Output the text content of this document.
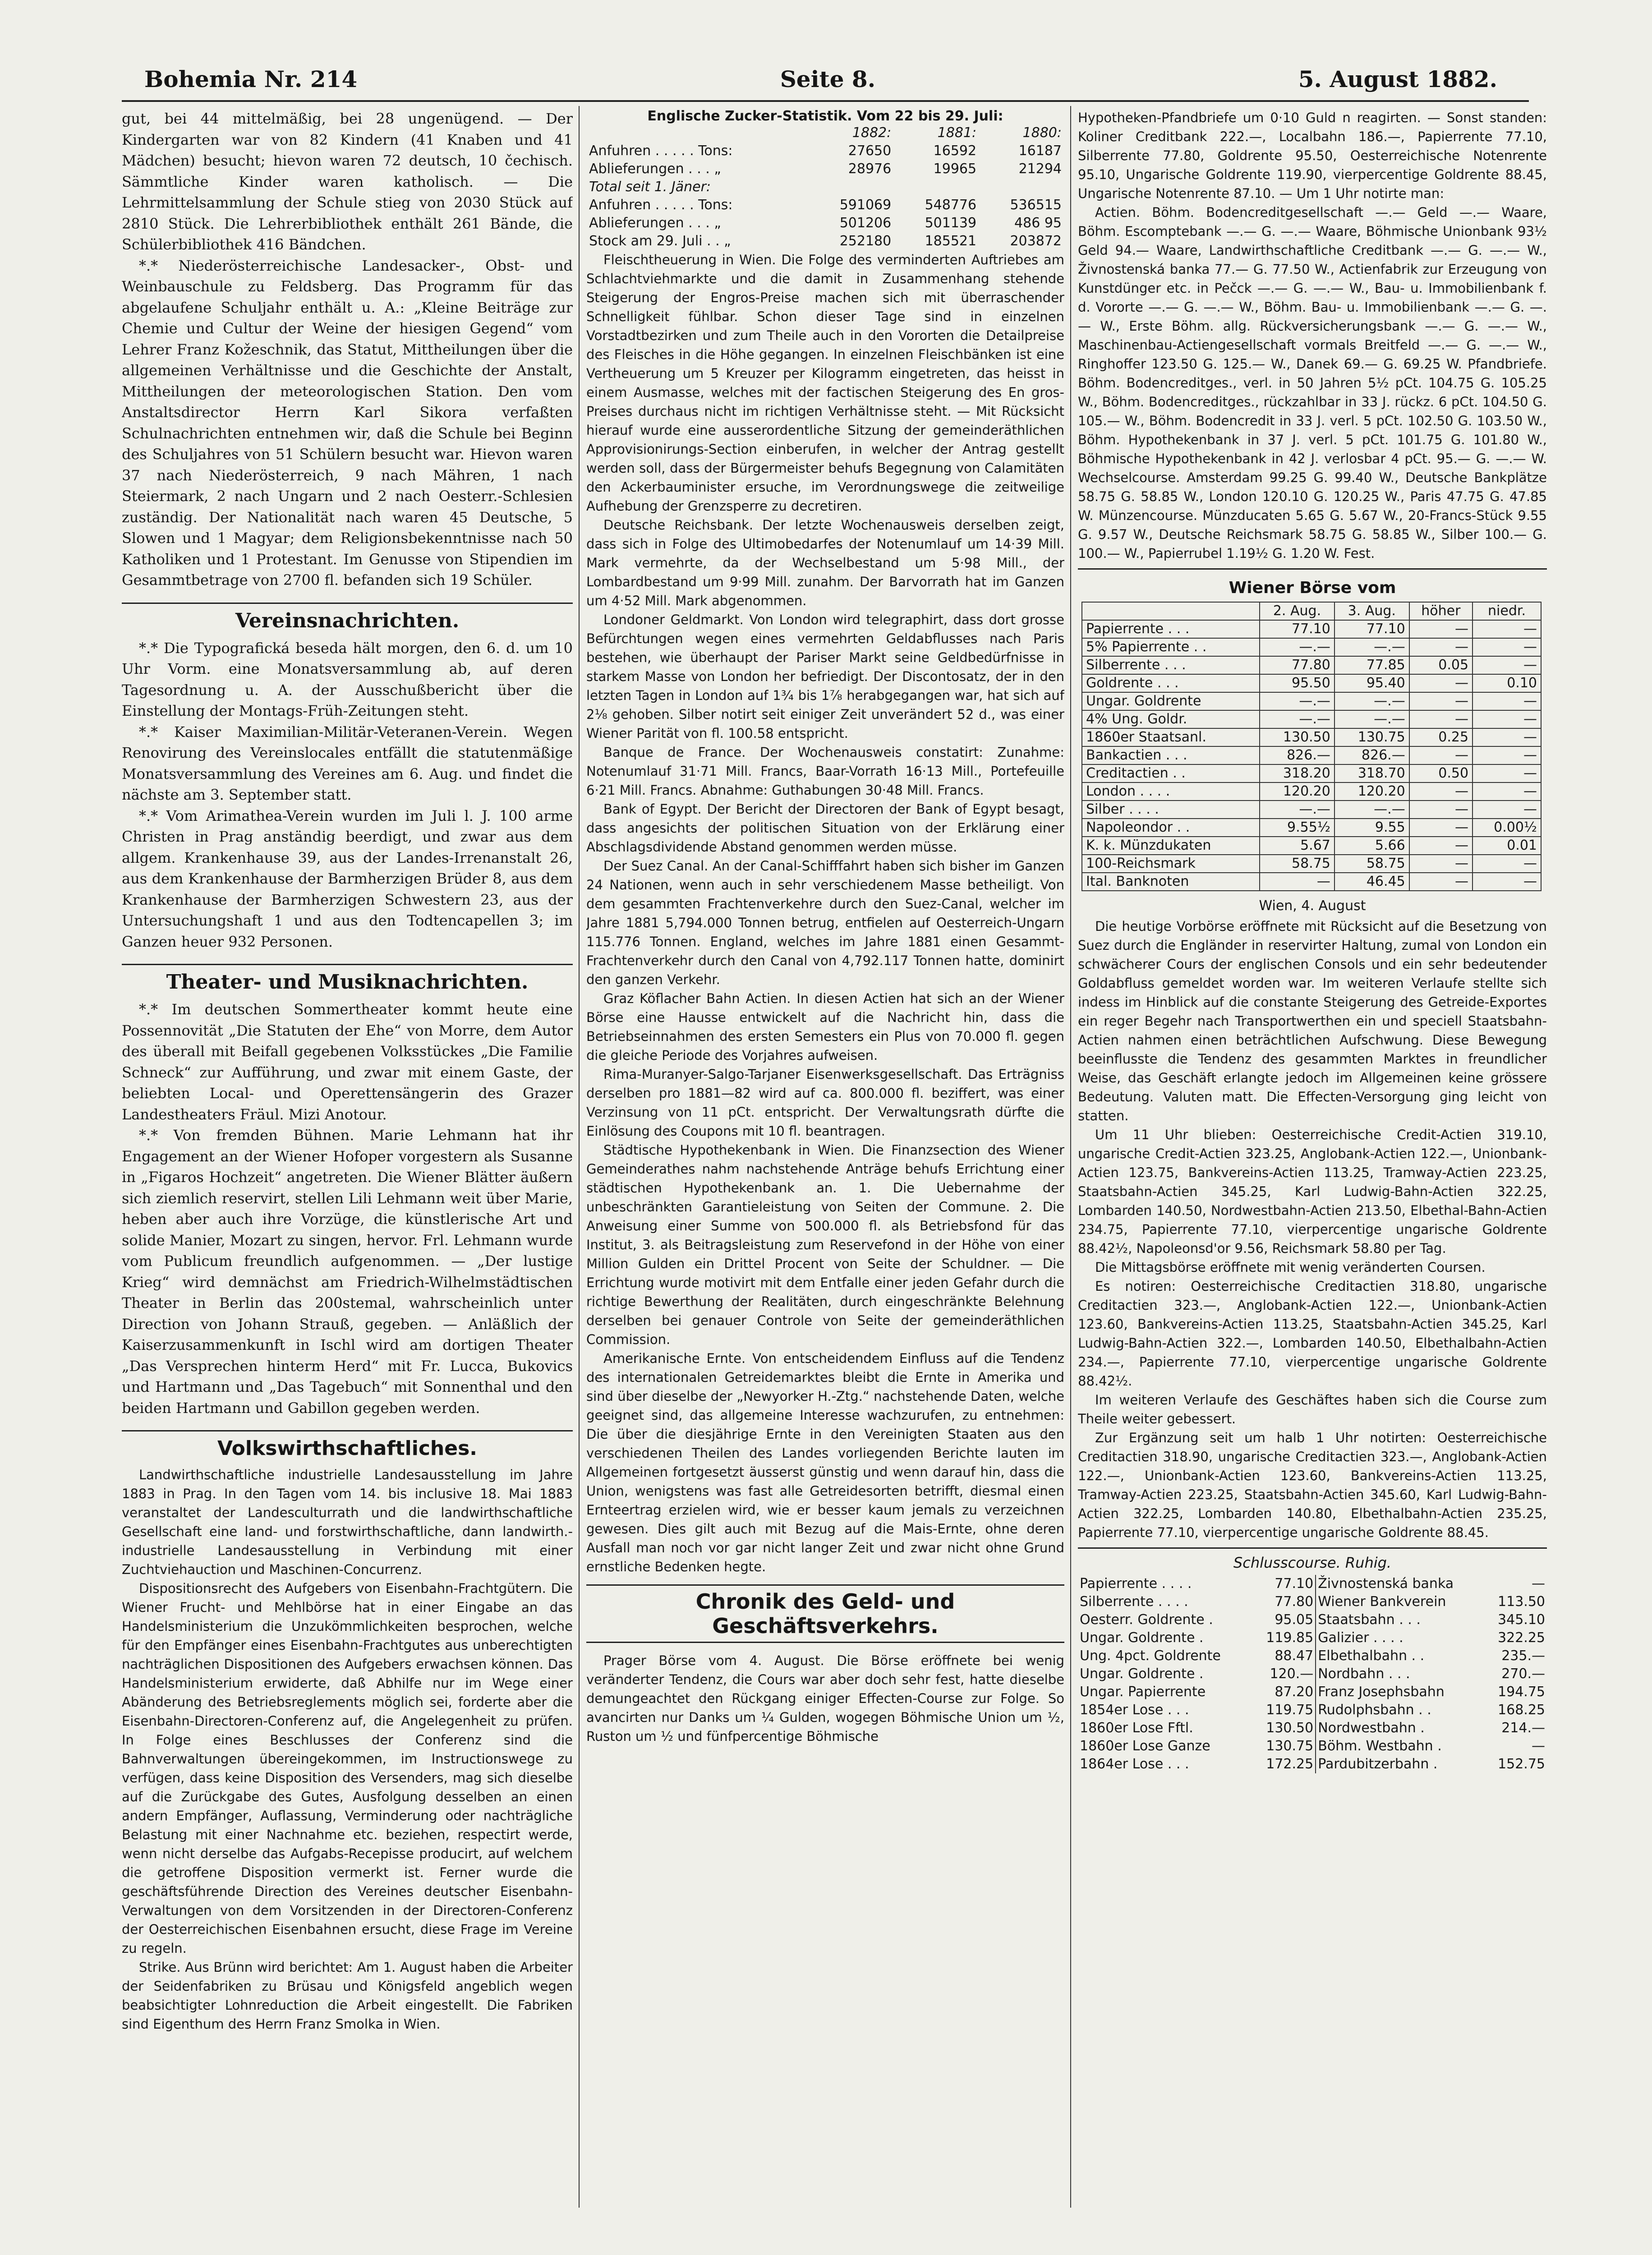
Bohemia Nr. 214	Seite 8.	5. August 1882.

gut, bei 44 mittelmäßig, bei 28 ungenügend. — Der Kindergarten war von 82 Kindern (41 Knaben und 41 Mädchen) besucht; hievon waren 72 deutsch, 10 čechisch. Sämmtliche Kinder waren katholisch. — Die Lehrmittelsammlung der Schule stieg von 2030 Stück auf 2810 Stück. Die Lehrerbibliothek enthält 261 Bände, die Schülerbibliothek 416 Bändchen.

*.* Niederösterreichische Landesacker-, Obst- und Weinbauschule zu Feldsberg. Das Programm für das abgelaufene Schuljahr enthält u. A.: „Kleine Beiträge zur Chemie und Cultur der Weine der hiesigen Gegend“ vom Lehrer Franz Kožeschnik, das Statut, Mittheilungen über die allgemeinen Verhältnisse und die Geschichte der Anstalt, Mittheilungen der meteorologischen Station. Den vom Anstaltsdirector Herrn Karl Sikora verfaßten Schulnachrichten entnehmen wir, daß die Schule bei Beginn des Schuljahres von 51 Schülern besucht war. Hievon waren 37 nach Niederösterreich, 9 nach Mähren, 1 nach Steiermark, 2 nach Ungarn und 2 nach Oesterr.-Schlesien zuständig. Der Nationalität nach waren 45 Deutsche, 5 Slowen und 1 Magyar; dem Religionsbekenntnisse nach 50 Katholiken und 1 Protestant. Im Genusse von Stipendien im Gesammtbetrage von 2700 fl. befanden sich 19 Schüler.

Vereinsnachrichten.

*.* Die Typografická beseda hält morgen, den 6. d. um 10 Uhr Vorm. eine Monatsversammlung ab, auf deren Tagesordnung u. A. der Ausschußbericht über die Einstellung der Montags-Früh-Zeitungen steht.

*.* Kaiser Maximilian-Militär-Veteranen-Verein. Wegen Renovirung des Vereinslocales entfällt die statutenmäßige Monatsversammlung des Vereines am 6. Aug. und findet die nächste am 3. September statt.

*.* Vom Arimathea-Verein wurden im Juli l. J. 100 arme Christen in Prag anständig beerdigt, und zwar aus dem allgem. Krankenhause 39, aus der Landes-Irrenanstalt 26, aus dem Krankenhause der Barmherzigen Brüder 8, aus dem Krankenhause der Barmherzigen Schwestern 23, aus der Untersuchungshaft 1 und aus den Todtencapellen 3; im Ganzen heuer 932 Personen.

Theater- und Musiknachrichten.

*.* Im deutschen Sommertheater kommt heute eine Possennovität „Die Statuten der Ehe“ von Morre, dem Autor des überall mit Beifall gegebenen Volksstückes „Die Familie Schneck“ zur Aufführung, und zwar mit einem Gaste, der beliebten Local- und Operettensängerin des Grazer Landestheaters Fräul. Mizi Anotour.

*.* Von fremden Bühnen. Marie Lehmann hat ihr Engagement an der Wiener Hofoper vorgestern als Susanne in „Figaros Hochzeit“ angetreten. Die Wiener Blätter äußern sich ziemlich reservirt, stellen Lili Lehmann weit über Marie, heben aber auch ihre Vorzüge, die künstlerische Art und solide Manier, Mozart zu singen, hervor. Frl. Lehmann wurde vom Publicum freundlich aufgenommen. — „Der lustige Krieg“ wird demnächst am Friedrich-Wilhelmstädtischen Theater in Berlin das 200stemal, wahrscheinlich unter Direction von Johann Strauß, gegeben. — Anläßlich der Kaiserzusammenkunft in Ischl wird am dortigen Theater „Das Versprechen hinterm Herd“ mit Fr. Lucca, Bukovics und Hartmann und „Das Tagebuch“ mit Sonnenthal und den beiden Hartmann und Gabillon gegeben werden.

Volkswirthschaftliches.

Landwirthschaftliche industrielle Landesausstellung im Jahre 1883 in Prag. In den Tagen vom 14. bis inclusive 18. Mai 1883 veranstaltet der Landesculturrath und die landwirthschaftliche Gesellschaft eine land- und forstwirthschaftliche, dann landwirth.-industrielle Landesausstellung in Verbindung mit einer Zuchtviehauction und Maschinen-Concurrenz.

Dispositionsrecht des Aufgebers von Eisenbahn-Frachtgütern. Die Wiener Frucht- und Mehlbörse hat in einer Eingabe an das Handelsministerium die Unzukömmlichkeiten besprochen, welche für den Empfänger eines Eisenbahn-Frachtgutes aus unberechtigten nachträglichen Dispositionen des Aufgebers erwachsen können. Das Handelsministerium erwiderte, daß Abhilfe nur im Wege einer Abänderung des Betriebsreglements möglich sei, forderte aber die Eisenbahn-Directoren-Conferenz auf, die Angelegenheit zu prüfen. In Folge eines Beschlusses der Conferenz sind die Bahnverwaltungen übereingekommen, im Instructionswege zu verfügen, dass keine Disposition des Versenders, mag sich dieselbe auf die Zurückgabe des Gutes, Ausfolgung desselben an einen andern Empfänger, Auflassung, Verminderung oder nachträgliche Belastung mit einer Nachnahme etc. beziehen, respectirt werde, wenn nicht derselbe das Aufgabs-Recepisse producirt, auf welchem die getroffene Disposition vermerkt ist. Ferner wurde die geschäftsführende Direction des Vereines deutscher Eisenbahn-Verwaltungen von dem Vorsitzenden in der Directoren-Conferenz der Oesterreichischen Eisenbahnen ersucht, diese Frage im Vereine zu regeln.

Strike. Aus Brünn wird berichtet: Am 1. August haben die Arbeiter der Seidenfabriken zu Brüsau und Königsfeld angeblich wegen beabsichtigter Lohnreduction die Arbeit eingestellt. Die Fabriken sind Eigenthum des Herrn Franz Smolka in Wien.

Englische Zucker-Statistik. Vom 22 bis 29. Juli:
	1882:	1881:	1880:
Anfuhren . . . . . Tons:	27650	16592	16187
Ablieferungen . . . „	28976	19965	21294
Total seit 1. Jäner:			
Anfuhren . . . . . Tons:	591069	548776	536515
Ablieferungen . . . „	501206	501139	486 95
Stock am 29. Juli . . „	252180	185521	203872

Fleischtheuerung in Wien. Die Folge des verminderten Auftriebes am Schlachtviehmarkte und die damit in Zusammenhang stehende Steigerung der Engros-Preise machen sich mit überraschender Schnelligkeit fühlbar. Schon dieser Tage sind in einzelnen Vorstadtbezirken und zum Theile auch in den Vororten die Detailpreise des Fleisches in die Höhe gegangen. In einzelnen Fleischbänken ist eine Vertheuerung um 5 Kreuzer per Kilogramm eingetreten, das heisst in einem Ausmasse, welches mit der factischen Steigerung des En gros-Preises durchaus nicht im richtigen Verhältnisse steht. — Mit Rücksicht hierauf wurde eine ausserordentliche Sitzung der gemeinderäthlichen Approvisionirungs-Section einberufen, in welcher der Antrag gestellt werden soll, dass der Bürgermeister behufs Begegnung von Calamitäten den Ackerbauminister ersuche, im Verordnungswege die zeitweilige Aufhebung der Grenzsperre zu decretiren.

Deutsche Reichsbank. Der letzte Wochenausweis derselben zeigt, dass sich in Folge des Ultimobedarfes der Notenumlauf um 14·39 Mill. Mark vermehrte, da der Wechselbestand um 5·98 Mill., der Lombardbestand um 9·99 Mill. zunahm. Der Barvorrath hat im Ganzen um 4·52 Mill. Mark abgenommen.

Londoner Geldmarkt. Von London wird telegraphirt, dass dort grosse Befürchtungen wegen eines vermehrten Geldabflusses nach Paris bestehen, wie überhaupt der Pariser Markt seine Geldbedürfnisse in starkem Masse von London her befriedigt. Der Discontosatz, der in den letzten Tagen in London auf 1¾ bis 1⅞ herabgegangen war, hat sich auf 2⅛ gehoben. Silber notirt seit einiger Zeit unverändert 52 d., was einer Wiener Parität von fl. 100.58 entspricht.

Banque de France. Der Wochenausweis constatirt: Zunahme: Notenumlauf 31·71 Mill. Francs, Baar-Vorrath 16·13 Mill., Portefeuille 6·21 Mill. Francs. Abnahme: Guthabungen 30·48 Mill. Francs.

Bank of Egypt. Der Bericht der Directoren der Bank of Egypt besagt, dass angesichts der politischen Situation von der Erklärung einer Abschlagsdividende Abstand genommen werden müsse.

Der Suez Canal. An der Canal-Schifffahrt haben sich bisher im Ganzen 24 Nationen, wenn auch in sehr verschiedenem Masse betheiligt. Von dem gesammten Frachtenverkehre durch den Suez-Canal, welcher im Jahre 1881 5,794.000 Tonnen betrug, entfielen auf Oesterreich-Ungarn 115.776 Tonnen. England, welches im Jahre 1881 einen Gesammt-Frachtenverkehr durch den Canal von 4,792.117 Tonnen hatte, dominirt den ganzen Verkehr.

Graz Köflacher Bahn Actien. In diesen Actien hat sich an der Wiener Börse eine Hausse entwickelt auf die Nachricht hin, dass die Betriebseinnahmen des ersten Semesters ein Plus von 70.000 fl. gegen die gleiche Periode des Vorjahres aufweisen.

Rima-Muranyer-Salgo-Tarjaner Eisenwerksgesellschaft. Das Erträgniss derselben pro 1881—82 wird auf ca. 800.000 fl. beziffert, was einer Verzinsung von 11 pCt. entspricht. Der Verwaltungsrath dürfte die Einlösung des Coupons mit 10 fl. beantragen.

Städtische Hypothekenbank in Wien. Die Finanzsection des Wiener Gemeinderathes nahm nachstehende Anträge behufs Errichtung einer städtischen Hypothekenbank an. 1. Die Uebernahme der unbeschränkten Garantieleistung von Seiten der Commune. 2. Die Anweisung einer Summe von 500.000 fl. als Betriebsfond für das Institut, 3. als Beitragsleistung zum Reservefond in der Höhe von einer Million Gulden ein Drittel Procent von Seite der Schuldner. — Die Errichtung wurde motivirt mit dem Entfalle einer jeden Gefahr durch die richtige Bewerthung der Realitäten, durch eingeschränkte Belehnung derselben bei genauer Controle von Seite der gemeinderäthlichen Commission.

Amerikanische Ernte. Von entscheidendem Einfluss auf die Tendenz des internationalen Getreidemarktes bleibt die Ernte in Amerika und sind über dieselbe der „Newyorker H.-Ztg.“ nachstehende Daten, welche geeignet sind, das allgemeine Interesse wachzurufen, zu entnehmen: Die über die diesjährige Ernte in den Vereinigten Staaten aus den verschiedenen Theilen des Landes vorliegenden Berichte lauten im Allgemeinen fortgesetzt äusserst günstig und wenn darauf hin, dass die Union, wenigstens was fast alle Getreidesorten betrifft, diesmal einen Ernteertrag erzielen wird, wie er besser kaum jemals zu verzeichnen gewesen. Dies gilt auch mit Bezug auf die Mais-Ernte, ohne deren Ausfall man noch vor gar nicht langer Zeit und zwar nicht ohne Grund ernstliche Bedenken hegte.

Chronik des Geld- und Geschäftsverkehrs.

Prager Börse vom 4. August. Die Börse eröffnete bei wenig veränderter Tendenz, die Cours war aber doch sehr fest, hatte dieselbe demungeachtet den Rückgang einiger Effecten-Course zur Folge. So avancirten nur Danks um ¼ Gulden, wogegen Böhmische Union um ½, Ruston um ½ und fünfpercentige Böhmische

Hypotheken-Pfandbriefe um 0·10 Guld n reagirten. — Sonst standen: Koliner Creditbank 222.—, Localbahn 186.—, Papierrente 77.10, Silberrente 77.80, Goldrente 95.50, Oesterreichische Notenrente 95.10, Ungarische Goldrente 119.90, vierpercentige Goldrente 88.45, Ungarische Notenrente 87.10. — Um 1 Uhr notirte man:

Actien. Böhm. Bodencreditgesellschaft —.— Geld —.— Waare, Böhm. Escomptebank —.— G. —.— Waare, Böhmische Unionbank 93½ Geld 94.— Waare, Landwirthschaftliche Creditbank —.— G. —.— W., Živnostenská banka 77.— G. 77.50 W., Actienfabrik zur Erzeugung von Kunstdünger etc. in Pečck —.— G. —.— W., Bau- u. Immobilienbank f. d. Vororte —.— G. —.— W., Böhm. Bau- u. Immobilienbank —.— G. —.— W., Erste Böhm. allg. Rückversicherungsbank —.— G. —.— W., Maschinenbau-Actiengesellschaft vormals Breitfeld —.— G. —.— W., Ringhoffer 123.50 G. 125.— W., Danek 69.— G. 69.25 W. Pfandbriefe. Böhm. Bodencreditges., verl. in 50 Jahren 5½ pCt. 104.75 G. 105.25 W., Böhm. Bodencreditges., rückzahlbar in 33 J. rückz. 6 pCt. 104.50 G. 105.— W., Böhm. Bodencredit in 33 J. verl. 5 pCt. 102.50 G. 103.50 W., Böhm. Hypothekenbank in 37 J. verl. 5 pCt. 101.75 G. 101.80 W., Böhmische Hypothekenbank in 42 J. verlosbar 4 pCt. 95.— G. —.— W. Wechselcourse. Amsterdam 99.25 G. 99.40 W., Deutsche Bankplätze 58.75 G. 58.85 W., London 120.10 G. 120.25 W., Paris 47.75 G. 47.85 W. Münzencourse. Münzducaten 5.65 G. 5.67 W., 20-Francs-Stück 9.55 G. 9.57 W., Deutsche Reichsmark 58.75 G. 58.85 W., Silber 100.— G. 100.— W., Papierrubel 1.19½ G. 1.20 W. Fest.

Wiener Börse vom
	2. Aug.	3. Aug.	höher	niedr.
Papierrente . . .	77.10	77.10	—	—
5% Papierrente . .	—.—	—.—	—	—
Silberrente . . .	77.80	77.85	0.05	—
Goldrente . . .	95.50	95.40	—	0.10
Ungar. Goldrente	—.—	—.—	—	—
4% Ung. Goldr.	—.—	—.—	—	—
1860er Staatsanl.	130.50	130.75	0.25	—
Bankactien . . .	826.—	826.—	—	—
Creditactien . .	318.20	318.70	0.50	—
London . . . .	120.20	120.20	—	—
Silber . . . .	—.—	—.—	—	—
Napoleondor . .	9.55½	9.55	—	0.00½
K. k. Münzdukaten	5.67	5.66	—	0.01
100-Reichsmark	58.75	58.75	—	—
Ital. Banknoten	—	46.45	—	—

Wien, 4. August

Die heutige Vorbörse eröffnete mit Rücksicht auf die Besetzung von Suez durch die Engländer in reservirter Haltung, zumal von London ein schwächerer Cours der englischen Consols und ein sehr bedeutender Goldabfluss gemeldet worden war. Im weiteren Verlaufe stellte sich indess im Hinblick auf die constante Steigerung des Getreide-Exportes ein reger Begehr nach Transportwerthen ein und speciell Staatsbahn-Actien nahmen einen beträchtlichen Aufschwung. Diese Bewegung beeinflusste die Tendenz des gesammten Marktes in freundlicher Weise, das Geschäft erlangte jedoch im Allgemeinen keine grössere Bedeutung. Valuten matt. Die Effecten-Versorgung ging leicht von statten.

Um 11 Uhr blieben: Oesterreichische Credit-Actien 319.10, ungarische Credit-Actien 323.25, Anglobank-Actien 122.—, Unionbank-Actien 123.75, Bankvereins-Actien 113.25, Tramway-Actien 223.25, Staatsbahn-Actien 345.25, Karl Ludwig-Bahn-Actien 322.25, Lombarden 140.50, Nordwestbahn-Actien 213.50, Elbethal-Bahn-Actien 234.75, Papierrente 77.10, vierpercentige ungarische Goldrente 88.42½, Napoleonsd'or 9.56, Reichsmark 58.80 per Tag.

Die Mittagsbörse eröffnete mit wenig veränderten Coursen.

Es notiren: Oesterreichische Creditactien 318.80, ungarische Creditactien 323.—, Anglobank-Actien 122.—, Unionbank-Actien 123.60, Bankvereins-Actien 113.25, Staatsbahn-Actien 345.25, Karl Ludwig-Bahn-Actien 322.—, Lombarden 140.50, Elbethalbahn-Actien 234.—, Papierrente 77.10, vierpercentige ungarische Goldrente 88.42½.

Im weiteren Verlaufe des Geschäftes haben sich die Course zum Theile weiter gebessert.

Zur Ergänzung seit um halb 1 Uhr notirten: Oesterreichische Creditactien 318.90, ungarische Creditactien 323.—, Anglobank-Actien 122.—, Unionbank-Actien 123.60, Bankvereins-Actien 113.25, Tramway-Actien 223.25, Staatsbahn-Actien 345.60, Karl Ludwig-Bahn-Actien 322.25, Lombarden 140.80, Elbethalbahn-Actien 235.25, Papierrente 77.10, vierpercentige ungarische Goldrente 88.45.

Schlusscourse. Ruhig.
Papierrente . . . .	77.10	Živnostenská banka	—
Silberrente . . . .	77.80	Wiener Bankverein	113.50
Oesterr. Goldrente .	95.05	Staatsbahn . . .	345.10
Ungar. Goldrente .	119.85	Galizier . . . .	322.25
Ung. 4pct. Goldrente	88.47	Elbethalbahn . .	235.—
Ungar. Goldrente .	120.—	Nordbahn . . .	270.—
Ungar. Papierrente	87.20	Franz Josephsbahn	194.75
1854er Lose . . .	119.75	Rudolphsbahn . .	168.25
1860er Lose Fftl.	130.50	Nordwestbahn .	214.—
1860er Lose Ganze	130.75	Böhm. Westbahn .	—
1864er Lose . . .	172.25	Pardubitzerbahn .	152.75
